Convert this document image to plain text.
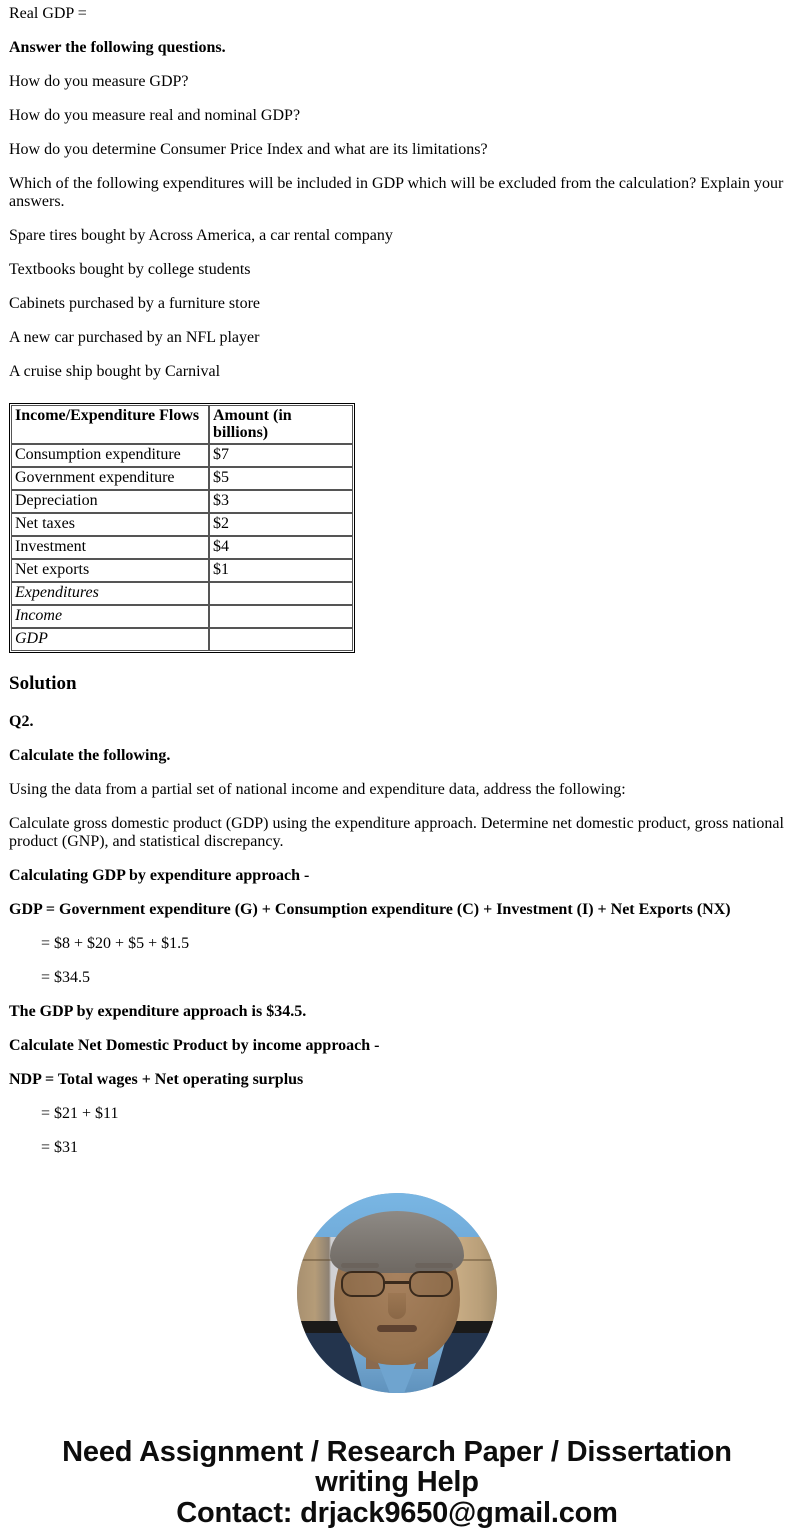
Real GDP =

Answer the following questions.

How do you measure GDP?

How do you measure real and nominal GDP?

How do you determine Consumer Price Index and what are its limitations?

Which of the following expenditures will be included in GDP which will be excluded from the calculation? Explain your answers.

Spare tires bought by Across America, a car rental company

Textbooks bought by college students

Cabinets purchased by a furniture store

A new car purchased by an NFL player

A cruise ship bought by Carnival

Income/Expenditure Flows	Amount (in billions)
Consumption expenditure	$7
Government expenditure	$5
Depreciation	$3
Net taxes	$2
Investment	$4
Net exports	$1
Expenditures	
Income	
GDP	
Solution

Q2.

Calculate the following.

Using the data from a partial set of national income and expenditure data, address the following:

Calculate gross domestic product (GDP) using the expenditure approach. Determine net domestic product, gross national product (GNP), and statistical discrepancy.

Calculating GDP by expenditure approach -

GDP = Government expenditure (G) + Consumption expenditure (C) + Investment (I) + Net Exports (NX)

= $8 + $20 + $5 + $1.5

= $34.5

The GDP by expenditure approach is $34.5.

Calculate Net Domestic Product by income approach -

NDP = Total wages + Net operating surplus

= $21 + $11

= $31

Need Assignment / Research Paper / Dissertation
writing Help
Contact: drjack9650@gmail.com
